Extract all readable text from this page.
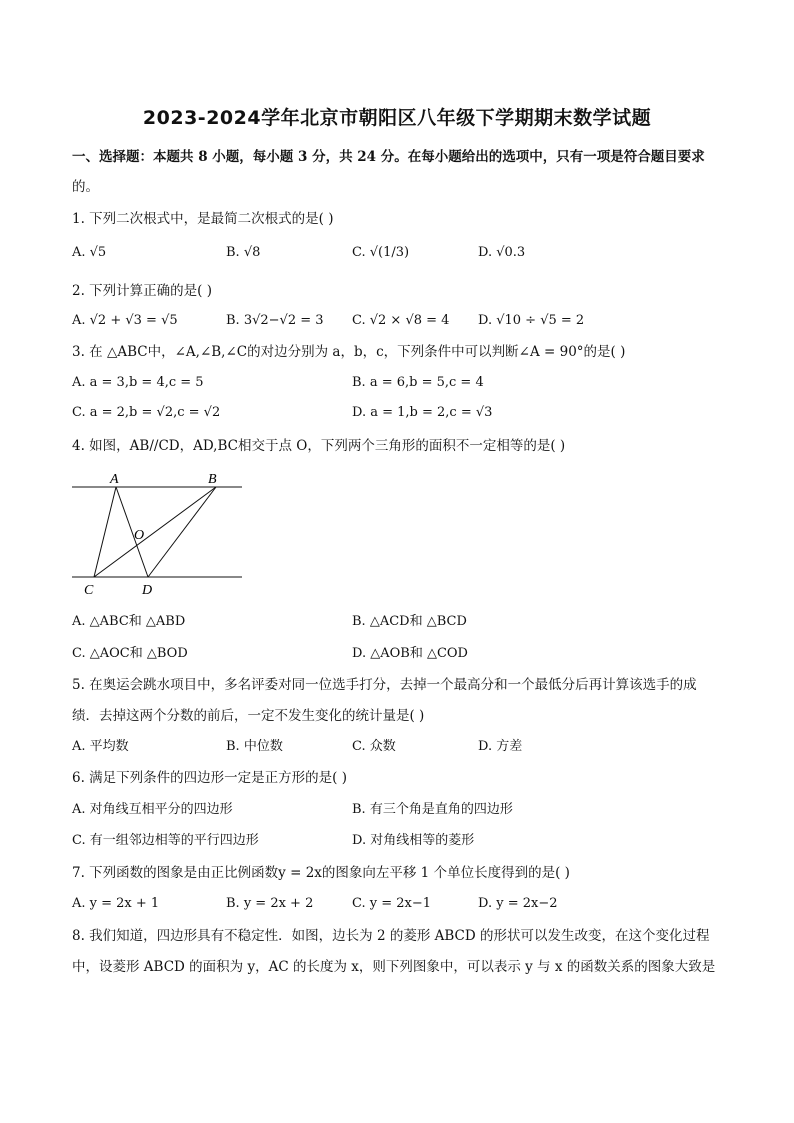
2023-2024学年北京市朝阳区八年级下学期期末数学试题
一、选择题：本题共 8 小题，每小题 3 分，共 24 分。在每小题给出的选项中，只有一项是符合题目要求
的。
1. 下列二次根式中，是最简二次根式的是( )
A. √5	B. √8	C. √(1/3)	D. √0.3
2. 下列计算正确的是( )
A. √2 + √3 = √5	B. 3√2−√2 = 3 C. √2 × √8 = 4 D. √10 ÷ √5 = 2
3. 在 △ABC中，∠A,∠B,∠C的对边分别为 a，b，c，下列条件中可以判断∠A = 90°的是( )
A. a = 3,b = 4,c = 5	B. a = 6,b = 5,c = 4
C. a = 2,b = √2,c = √2	D. a = 1,b = 2,c = √3
4. 如图，AB//CD，AD,BC相交于点 O，下列两个三角形的面积不一定相等的是( )
A	B
O
C	D
A. △ABC和 △ABD	B. △ACD和 △BCD
C. △AOC和 △BOD	D. △AOB和 △COD
5. 在奥运会跳水项目中，多名评委对同一位选手打分，去掉一个最高分和一个最低分后再计算该选手的成
绩．去掉这两个分数的前后，一定不发生变化的统计量是( )
A. 平均数	B. 中位数	C. 众数	D. 方差
6. 满足下列条件的四边形一定是正方形的是( )
A. 对角线互相平分的四边形	B. 有三个角是直角的四边形
C. 有一组邻边相等的平行四边形	D. 对角线相等的菱形
7. 下列函数的图象是由正比例函数y = 2x的图象向左平移 1 个单位长度得到的是( )
A. y = 2x + 1	B. y = 2x + 2	C. y = 2x−1	D. y = 2x−2
8. 我们知道，四边形具有不稳定性．如图，边长为 2 的菱形 ABCD 的形状可以发生改变，在这个变化过程
中，设菱形 ABCD 的面积为 y，AC 的长度为 x，则下列图象中，可以表示 y 与 x 的函数关系的图象大致是
